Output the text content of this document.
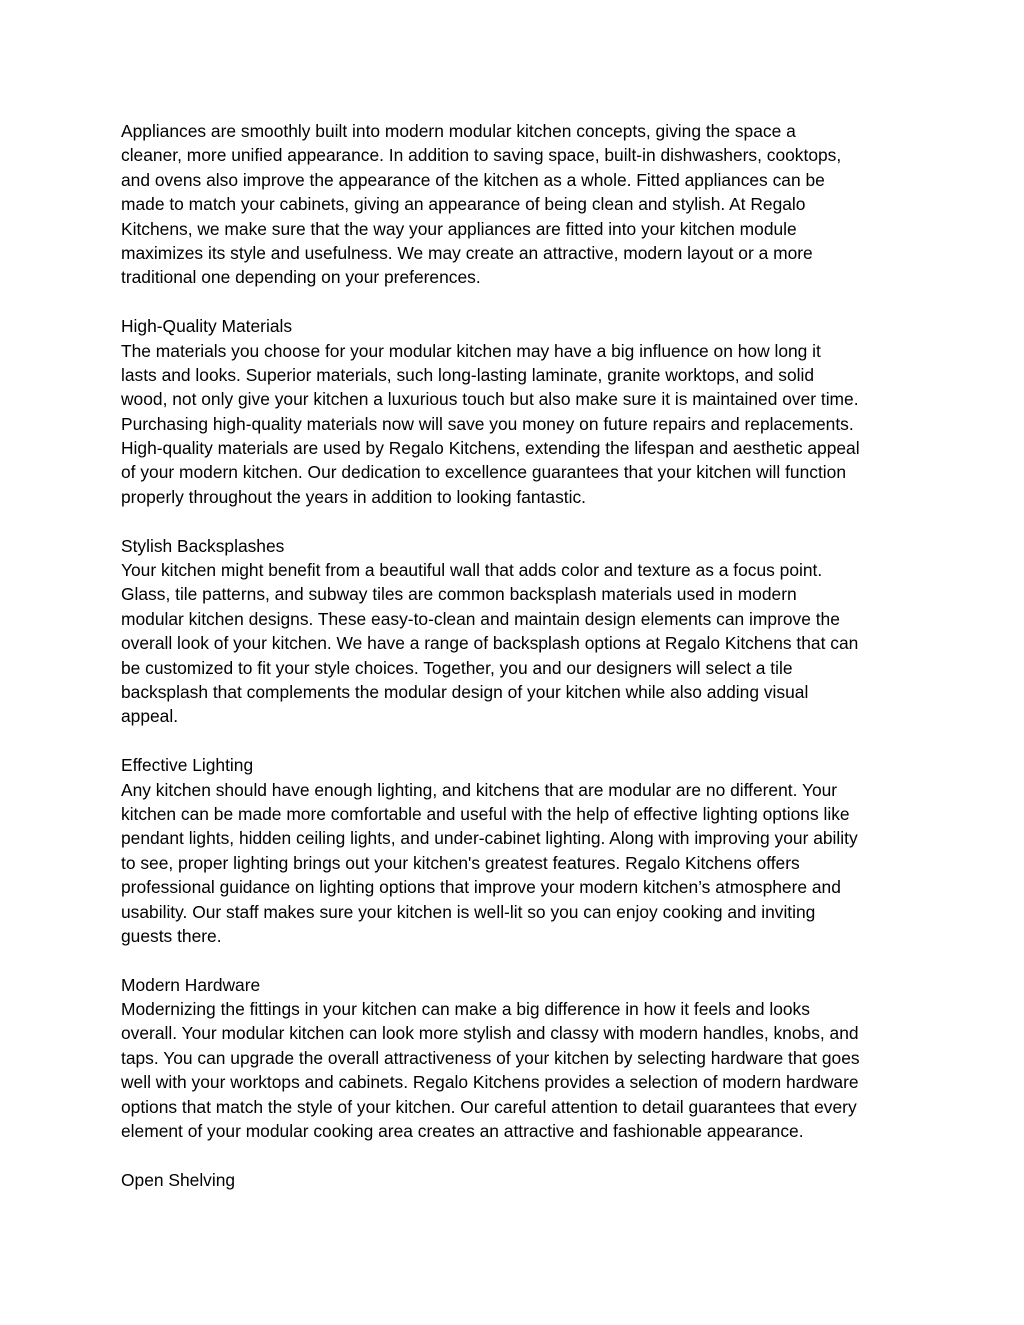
Appliances are smoothly built into modern modular kitchen concepts, giving the space a
cleaner, more unified appearance. In addition to saving space, built-in dishwashers, cooktops,
and ovens also improve the appearance of the kitchen as a whole. Fitted appliances can be
made to match your cabinets, giving an appearance of being clean and stylish. At Regalo
Kitchens, we make sure that the way your appliances are fitted into your kitchen module
maximizes its style and usefulness. We may create an attractive, modern layout or a more
traditional one depending on your preferences.
High-Quality Materials
The materials you choose for your modular kitchen may have a big influence on how long it
lasts and looks. Superior materials, such long-lasting laminate, granite worktops, and solid
wood, not only give your kitchen a luxurious touch but also make sure it is maintained over time.
Purchasing high-quality materials now will save you money on future repairs and replacements.
High-quality materials are used by Regalo Kitchens, extending the lifespan and aesthetic appeal
of your modern kitchen. Our dedication to excellence guarantees that your kitchen will function
properly throughout the years in addition to looking fantastic.
Stylish Backsplashes
Your kitchen might benefit from a beautiful wall that adds color and texture as a focus point.
Glass, tile patterns, and subway tiles are common backsplash materials used in modern
modular kitchen designs. These easy-to-clean and maintain design elements can improve the
overall look of your kitchen. We have a range of backsplash options at Regalo Kitchens that can
be customized to fit your style choices. Together, you and our designers will select a tile
backsplash that complements the modular design of your kitchen while also adding visual
appeal.
Effective Lighting
Any kitchen should have enough lighting, and kitchens that are modular are no different. Your
kitchen can be made more comfortable and useful with the help of effective lighting options like
pendant lights, hidden ceiling lights, and under-cabinet lighting. Along with improving your ability
to see, proper lighting brings out your kitchen's greatest features. Regalo Kitchens offers
professional guidance on lighting options that improve your modern kitchen’s atmosphere and
usability. Our staff makes sure your kitchen is well-lit so you can enjoy cooking and inviting
guests there.
Modern Hardware
Modernizing the fittings in your kitchen can make a big difference in how it feels and looks
overall. Your modular kitchen can look more stylish and classy with modern handles, knobs, and
taps. You can upgrade the overall attractiveness of your kitchen by selecting hardware that goes
well with your worktops and cabinets. Regalo Kitchens provides a selection of modern hardware
options that match the style of your kitchen. Our careful attention to detail guarantees that every
element of your modular cooking area creates an attractive and fashionable appearance.
Open Shelving
